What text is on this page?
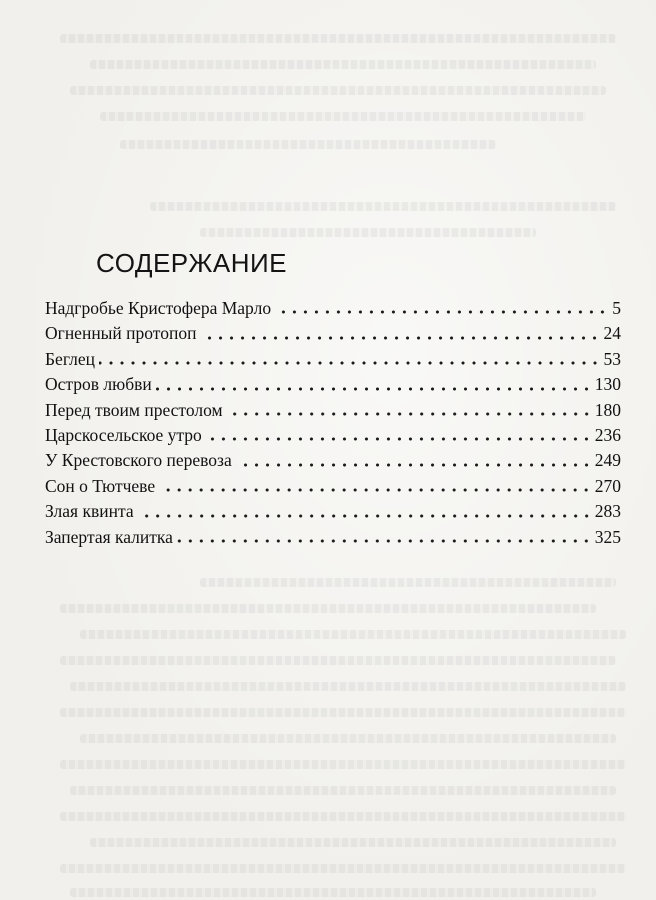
СОДЕРЖАНИЕ
Надгробье Кристофера Марло	5
Огненный протопоп	24
Беглец	53
Остров любви	130
Перед твоим престолом	180
Царскосельское утро	236
У Крестовского перевоза	249
Сон о Тютчеве	270
Злая квинта	283
Запертая калитка	325
